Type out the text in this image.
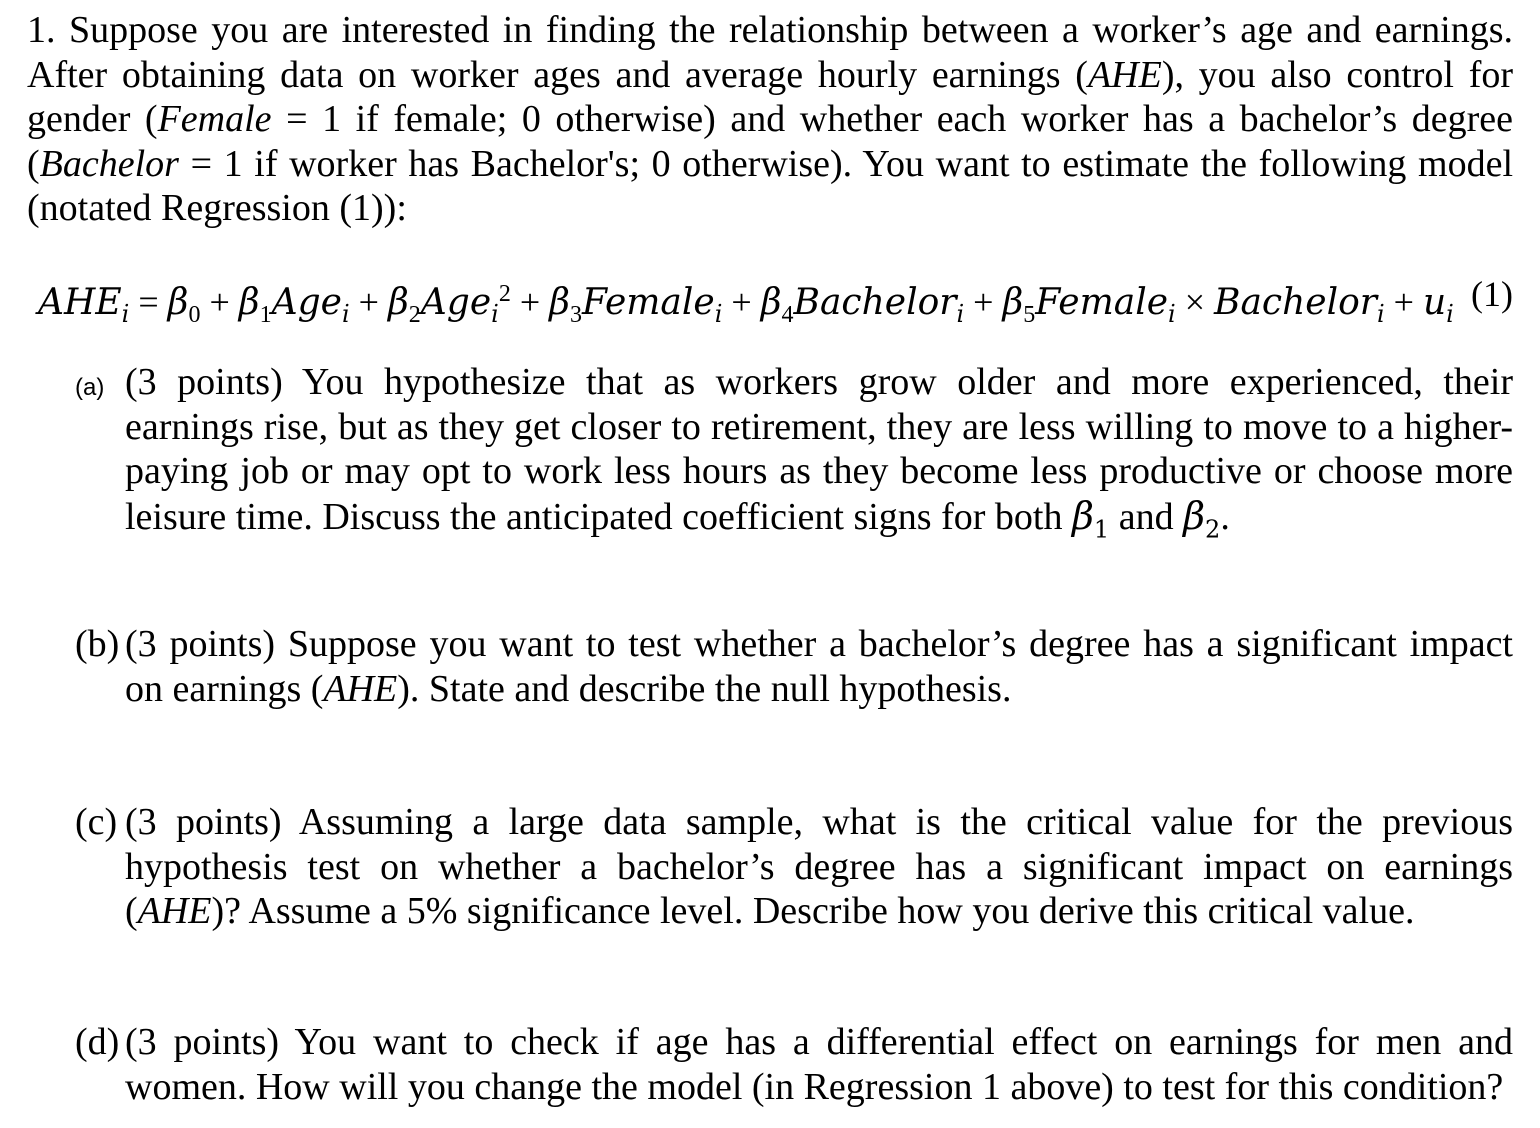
1. Suppose you are interested in finding the relationship between a worker’s age and earnings. After obtaining data on worker ages and average hourly earnings (AHE), you also control for gender (Female = 1 if female; 0 otherwise) and whether each worker has a bachelor’s degree (Bachelor = 1 if worker has Bachelor's; 0 otherwise). You want to estimate the following model (notated Regression (1)):
$AHE_i = \beta_0 + \beta_1Age_i + \beta_2Age_i^2$ + $\beta_3Female_i$ + $\beta_4Bachelor_i$ + $\beta_5Female_i$ × Bachelor$_i$ + $u_i$
(1)
(a) (3 points) You hypothesize that as workers grow older and more experienced, their earnings rise, but as they get closer to retirement, they are less willing to move to a higher-paying job or may opt to work less hours as they become less productive or choose more leisure time. Discuss the anticipated coefficient signs for both $\beta_1$ and $\beta_2$.
(b) (3 points) Suppose you want to test whether a bachelor’s degree has a significant impact on earnings (AHE). State and describe the null hypothesis.
(c) (3 points) Assuming a large data sample, what is the critical value for the previous hypothesis test on whether a bachelor’s degree has a significant impact on earnings (AHE)? Assume a 5% significance level. Describe how you derive this critical value.
(d) (3 points) You want to check if age has a differential effect on earnings for men and women. How will you change the model (in Regression 1 above) to test for this condition?
